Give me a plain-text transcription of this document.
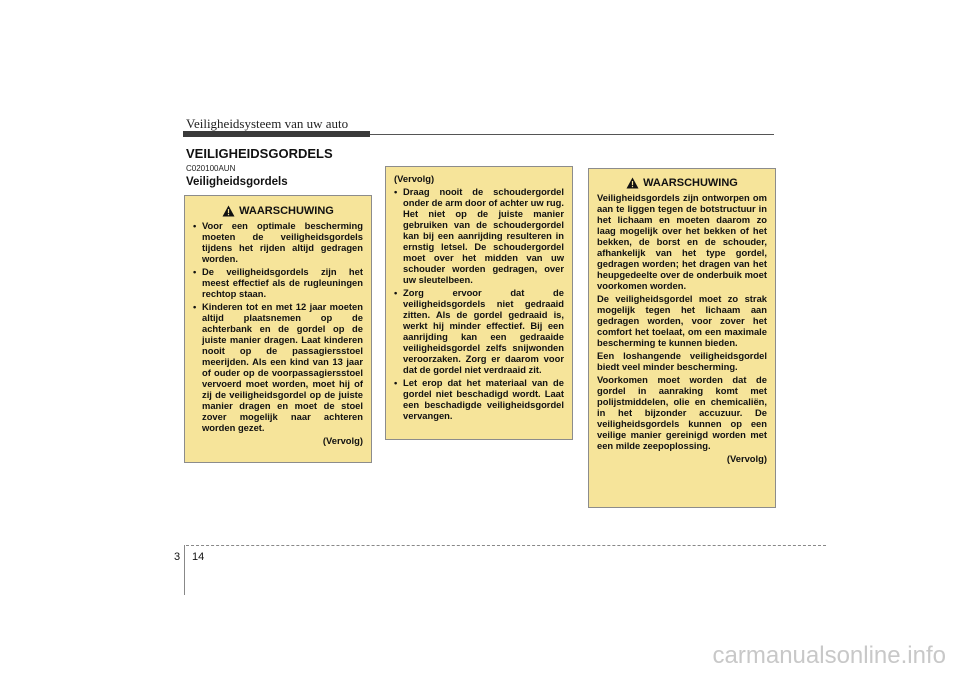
Veiligheidsysteem van uw auto
VEILIGHEIDSGORDELS
C020100AUN
Veiligheidsgordels
WAARSCHUWING
• Voor een optimale bescherming moeten de veiligheidsgordels tijdens het rijden altijd gedragen worden.
• De veiligheidsgordels zijn het meest effectief als de rugleuningen rechtop staan.
• Kinderen tot en met 12 jaar moeten altijd plaatsnemen op de achterbank en de gordel op de juiste manier dragen. Laat kinderen nooit op de passagiersstoel meerijden. Als een kind van 13 jaar of ouder op de voorpassagiersstoel vervoerd moet worden, moet hij of zij de veiligheidsgordel op de juiste manier dragen en moet de stoel zover mogelijk naar achteren worden gezet.
(Vervolg)
(Vervolg)
• Draag nooit de schoudergordel onder de arm door of achter uw rug. Het niet op de juiste manier gebruiken van de schoudergordel kan bij een aanrijding resulteren in ernstig letsel. De schoudergordel moet over het midden van uw schouder worden gedragen, over uw sleutelbeen.
• Zorg ervoor dat de veiligheidsgordels niet gedraaid zitten. Als de gordel gedraaid is, werkt hij minder effectief. Bij een aanrijding kan een gedraaide veiligheidsgordel zelfs snijwonden veroorzaken. Zorg er daarom voor dat de gordel niet verdraaid zit.
• Let erop dat het materiaal van de gordel niet beschadigd wordt. Laat een beschadigde veiligheidsgordel vervangen.
WAARSCHUWING

Veiligheidsgordels zijn ontworpen om aan te liggen tegen de botstructuur in het lichaam en moeten daarom zo laag mogelijk over het bekken of het bekken, de borst en de schouder, afhankelijk van het type gordel, gedragen worden; het dragen van het heupgedeelte over de onderbuik moet voorkomen worden.

De veiligheidsgordel moet zo strak mogelijk tegen het lichaam aan gedragen worden, voor zover het comfort het toelaat, om een maximale bescherming te kunnen bieden.

Een loshangende veiligheidsgordel biedt veel minder bescherming.

Voorkomen moet worden dat de gordel in aanraking komt met polijstmiddelen, olie en chemicaliën, in het bijzonder accuzuur. De veiligheidsgordels kunnen op een veilige manier gereinigd worden met een milde zeepoplossing.

(Vervolg)
3 14
carmanualsonline.info
